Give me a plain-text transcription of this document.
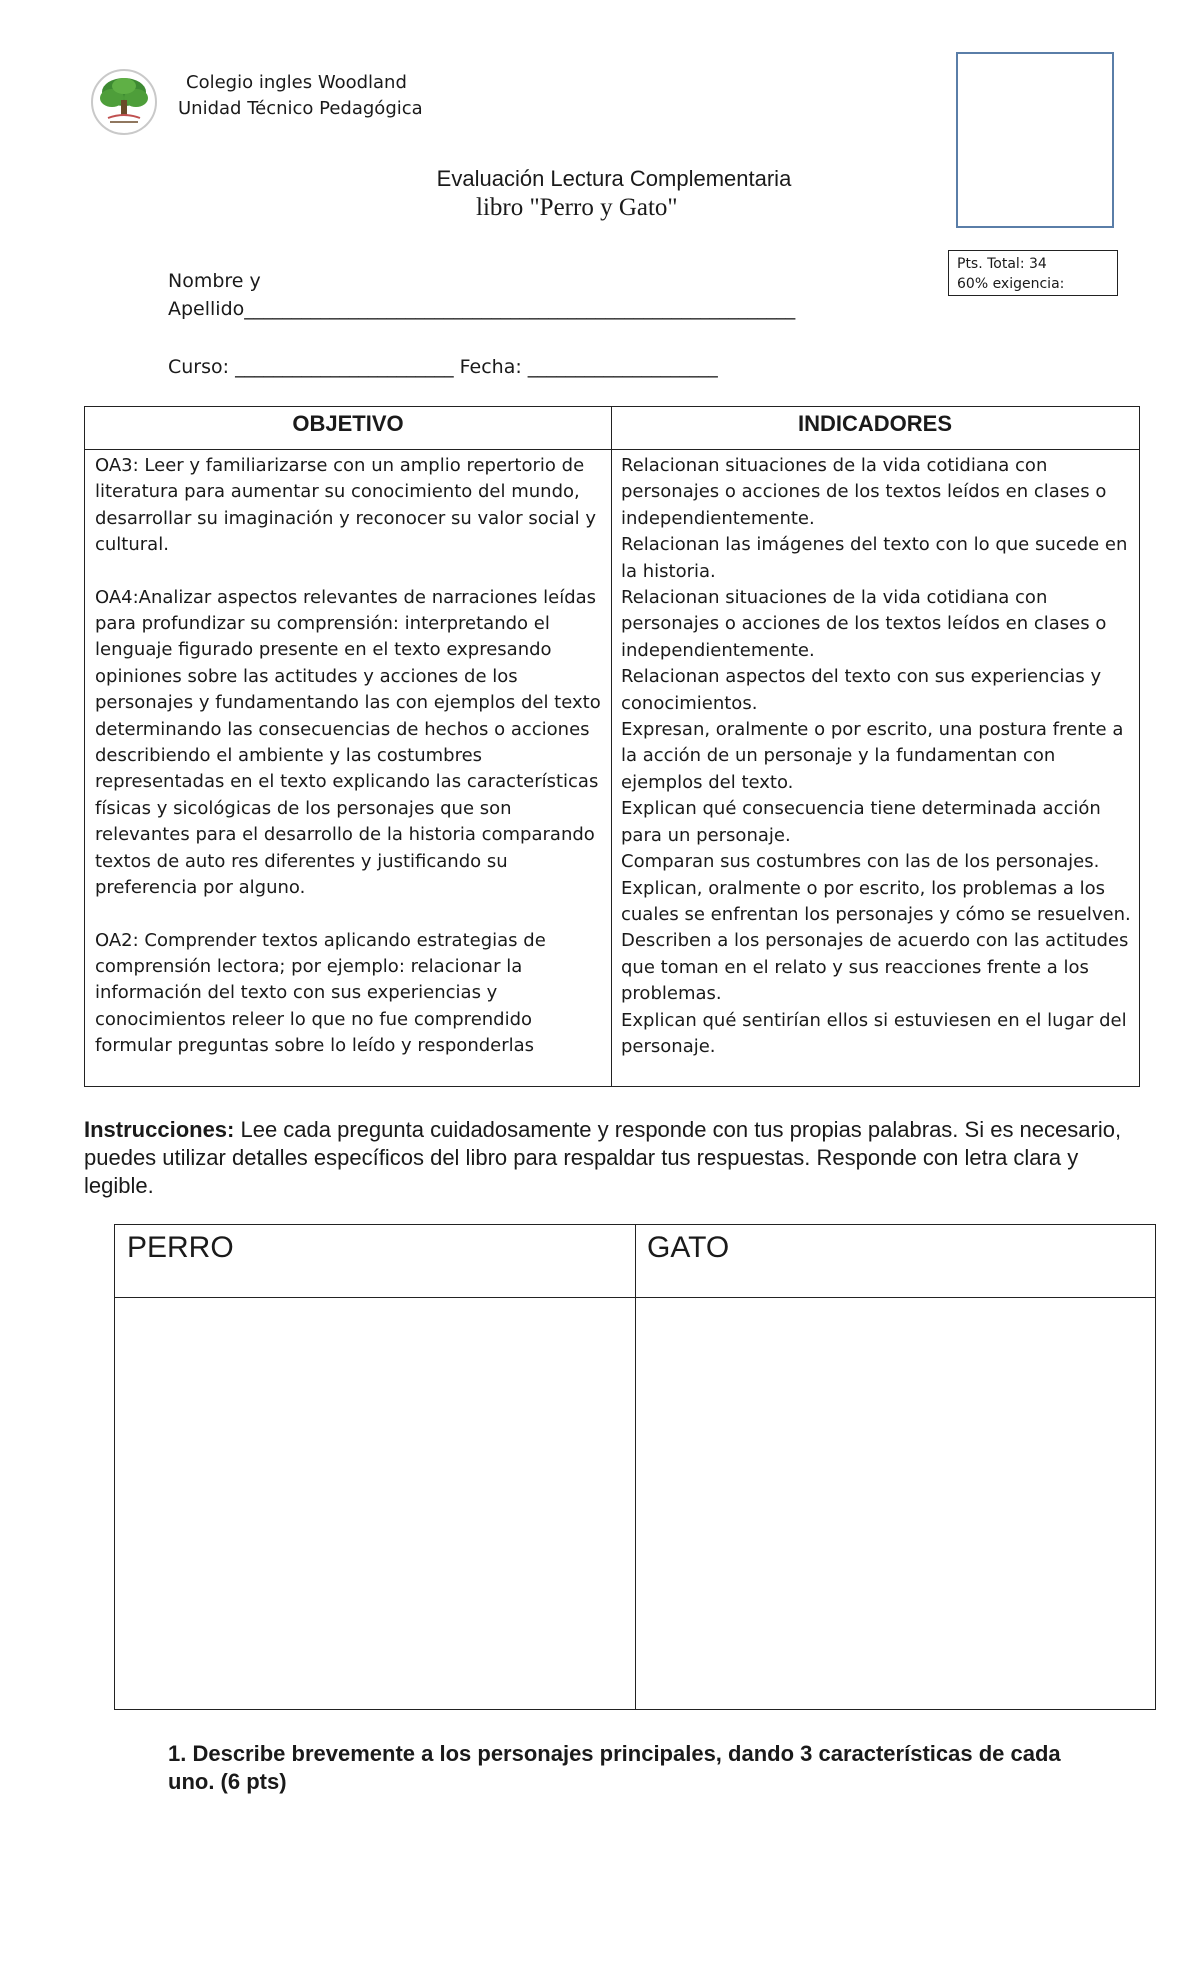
Colegio ingles Woodland
Unidad Técnico Pedagógica
Evaluación Lectura Complementaria
libro "Perro y Gato"
Pts. Total: 34
60% exigencia:
Nombre y
Apellido__________________________________________________________
Curso: _______________________ Fecha: ____________________
OBJETIVO	INDICADORES

OA3: Leer y familiarizarse con un amplio repertorio de literatura para aumentar su conocimiento del mundo, desarrollar su imaginación y reconocer su valor social y cultural.

OA4:Analizar aspectos relevantes de narraciones leídas para profundizar su comprensión: interpretando el lenguaje figurado presente en el texto expresando opiniones sobre las actitudes y acciones de los personajes y fundamentando las con ejemplos del texto determinando las consecuencias de hechos o acciones describiendo el ambiente y las costumbres representadas en el texto explicando las características físicas y sicológicas de los personajes que son relevantes para el desarrollo de la historia comparando textos de auto res diferentes y justificando su preferencia por alguno.

OA2: Comprender textos aplicando estrategias de comprensión lectora; por ejemplo: relacionar la información del texto con sus experiencias y conocimientos releer lo que no fue comprendido formular preguntas sobre lo leído y responderlas

Relacionan situaciones de la vida cotidiana con personajes o acciones de los textos leídos en clases o independientemente.

Relacionan las imágenes del texto con lo que sucede en la historia.

Relacionan situaciones de la vida cotidiana con personajes o acciones de los textos leídos en clases o independientemente.

Relacionan aspectos del texto con sus experiencias y conocimientos.

Expresan, oralmente o por escrito, una postura frente a la acción de un personaje y la fundamentan con ejemplos del texto.

Explican qué consecuencia tiene determinada acción para un personaje.

Comparan sus costumbres con las de los personajes.

Explican, oralmente o por escrito, los problemas a los cuales se enfrentan los personajes y cómo se resuelven.

Describen a los personajes de acuerdo con las actitudes que toman en el relato y sus reacciones frente a los problemas.

Explican qué sentirían ellos si estuviesen en el lugar del personaje.

Instrucciones: Lee cada pregunta cuidadosamente y responde con tus propias palabras. Si es necesario, puedes utilizar detalles específicos del libro para respaldar tus respuestas. Responde con letra clara y legible.
PERRO	GATO
1. Describe brevemente a los personajes principales, dando 3 características de cada uno. (6 pts)
